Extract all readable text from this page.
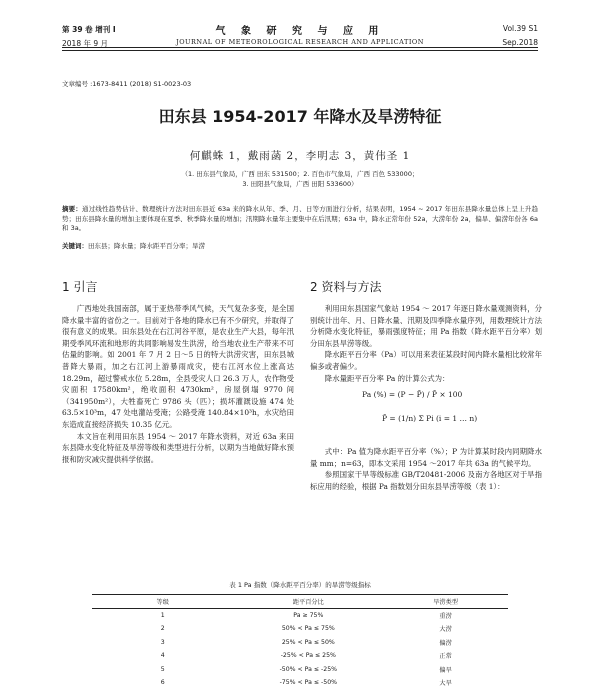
第 39 卷 增刊 I
2018 年 9 月
气 象 研 究 与 应 用
JOURNAL OF METEOROLOGICAL RESEARCH AND APPLICATION
Vol.39 S1
Sep.2018
文章编号 :1673-8411 (2018) S1-0023-03
田东县 1954-2017 年降水及旱涝特征
何麒蛛 1，戴雨菡 2，李明志 3，黄伟圣 1
（1. 田东县气象局，广西 田东 531500；2. 百色市气象局，广西 百色 533000；
3. 田阳县气象局，广西 田阳 533600）
摘要：通过线性趋势估计、数理统计方法对田东县近 63a 来的降水从年、季、月、日等方面进行分析，结果表明，1954 ~ 2017 年田东县降水量总体上呈上升趋势；田东县降水量的增加主要体现在夏季、秋季降水量的增加；汛期降水量年主要集中在后汛期；63a 中，降水正常年份 52a，大涝年份 2a，偏旱、偏涝年份各 6a 和 3a。
关键词：田东县；降水量；降水距平百分率；旱涝
1 引言

广西地处我国南部，属于亚热带季风气候，天气复杂多变，是全国降水量丰富的省份之一。目前对于各地的降水已有不少研究，并取得了很有意义的成果。田东县处在右江河谷平原，是农业生产大县，每年汛期受季风环流和地形的共同影响易发生洪涝，给当地农业生产带来不可估量的影响。如 2001 年 7 月 2 日～5 日的特大洪涝灾害，田东县城普降大暴雨，加之右江河上游暴雨成灾，使右江河水位上涨高达 18.29m，超过警戒水位 5.28m，全县受灾人口 26.3 万人，农作物受灾面积 17580km²，绝收面积 4730km²，房屋倒塌 9770 间（341950m²），大牲畜死亡 9786 头（匹）；损坏灌溉设施 474 处 63.5×10³m，47 处电灌站受淹；公路受淹 140.84×10³h，水灾给田东造成直接经济损失 10.35 亿元。

本文旨在利用田东县 1954 ～ 2017 年降水资料，对近 63a 来田东县降水变化特征及旱涝等级和类型进行分析，以期为当地做好降水预报和防灾减灾提供科学依据。

2 资料与方法

利用田东县国家气象站 1954 ～ 2017 年逐日降水量观测资料，分别统计出年、月、日降水量、汛期及四季降水量序列，用数理统计方法分析降水变化特征，暴雨强度特征；用 Pa 指数（降水距平百分率）划分田东县旱涝等级。

降水距平百分率（Pa）可以用来表征某段时间内降水量相比较常年偏多或者偏少。

降水量距平百分率 Pa 的计算公式为：

Pa (%) = (P − P̄) / P̄ × 100
P̄ = (1/n) Σ Pi (i = 1 … n)

式中：Pa 值为降水距平百分率（%）；P 为计算某时段内同期降水量 mm；n=63，即本文采用 1954 ～2017 年共 63a 的气候平均。

参照国家干旱等级标准 GB/T20481-2006 及南方各地区对于旱指标应用的经验，根据 Pa 指数划分田东县旱涝等级（表 1）：

表 1 Pa 指数（降水距平百分率）的旱涝等级指标
等级	距平百分比	旱涝类型
1	Pa ≥ 75%	重涝
2	50% < Pa ≤ 75%	大涝
3	25% < Pa ≤ 50%	偏涝
4	-25% < Pa ≤ 25%	正常
5	-50% < Pa ≤ -25%	偏旱
6	-75% < Pa ≤ -50%	大旱
